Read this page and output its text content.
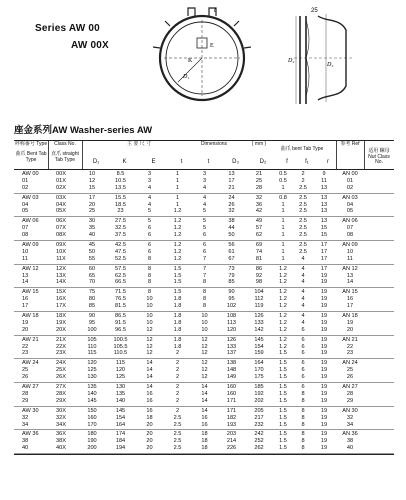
Series AW 00
AW 00X
t
E
D₁
K
25
D₂
D₃
座金系列AW Washer-series AW
呼称番号 Type	Class No.
曲爪 Bent Tab Type
直爪 straight Tab Type
主 要 尺 寸	Dimensions	( mm )
曲爪 bent Tab Type
参考 Ref
适用 螺母 Nut Class No.
D₁	K	E	t	t	D₃	D₂	f	f₁	r
AW 00	00X	10	8.5	3	1	3	13	21	0.5	2	9	AN 00
01	01X	12	10.5	3	1	3	17	25	0.5	2	11	01
02	02X	15	13.5	4	1	4	21	28	1	2.5	13	02
AW 03	03X	17	15.5	4	1	4	24	32	0.8	2.5	13	AN 03
04	04X	20	18.5	4	1	4	26	36	1	2.5	13	04
05	05X	25	23	5	1.2	5	32	42	1	2.5	13	05
AW 06	06X	30	27.5	5	1.2	5	38	49	1	2.5	13	AN 06
07	07X	35	32.5	6	1.2	5	44	57	1	2.5	15	07
08	08X	40	37.5	6	1.2	6	50	62	1	2.5	15	08
AW 09	09X	45	42.5	6	1.2	6	56	69	1	2.5	17	AN 09
10	10X	50	47.5	6	1.2	6	61	74	1	2.5	17	10
11	11X	55	52.5	8	1.2	7	67	81	1	4	17	11
AW 12	12X	60	57.5	8	1.5	7	73	86	1.2	4	17	AN 12
13	13X	65	62.5	8	1.5	7	79	92	1.2	4	19	13
14	14X	70	66.5	8	1.5	8	85	98	1.2	4	19	14
AW 15	15X	75	71.5	8	1.5	8	90	104	1.2	4	19	AN 15
16	16X	80	76.5	10	1.8	8	95	112	1.2	4	19	16
17	17X	85	81.5	10	1.8	8	102	119	1.2	4	19	17
AW 18	18X	90	86.5	10	1.8	10	108	126	1.2	4	19	AN 18
19	19X	95	91.5	10	1.8	10	113	133	1.2	4	19	19
20	20X	100	96.5	12	1.8	10	120	142	1.2	6	19	20
AW 21	21X	105	100.5	12	1.8	12	126	145	1.2	6	19	AN 21
22	22X	110	105.5	12	1.8	12	133	154	1.2	6	19	22
23	23X	115	110.5	12	2	12	137	159	1.5	6	19	23
AW 24	24X	120	115	14	2	12	138	164	1.5	6	19	AN 24
25	25X	125	120	14	2	12	148	170	1.5	6	19	25
26	26X	130	125	14	2	12	149	175	1.5	6	19	26
AW 27	27X	135	130	14	2	14	160	185	1.5	6	19	AN 27
28	28X	140	135	16	2	14	160	192	1.5	8	19	28
29	29X	145	140	16	2	14	171	202	1.5	8	19	29
AW 30	30X	150	145	16	2	14	171	205	1.5	8	19	AN 30
32	32X	160	154	18	2.5	16	182	217	1.5	8	19	32
34	34X	170	164	20	2.5	16	193	232	1.5	8	19	34
AW 36	36X	180	174	20	2.5	18	203	242	1.5	8	19	AN 36
38	38X	190	184	20	2.5	18	214	252	1.5	8	19	38
40	40X	200	194	20	2.5	18	226	262	1.5	8	19	40
